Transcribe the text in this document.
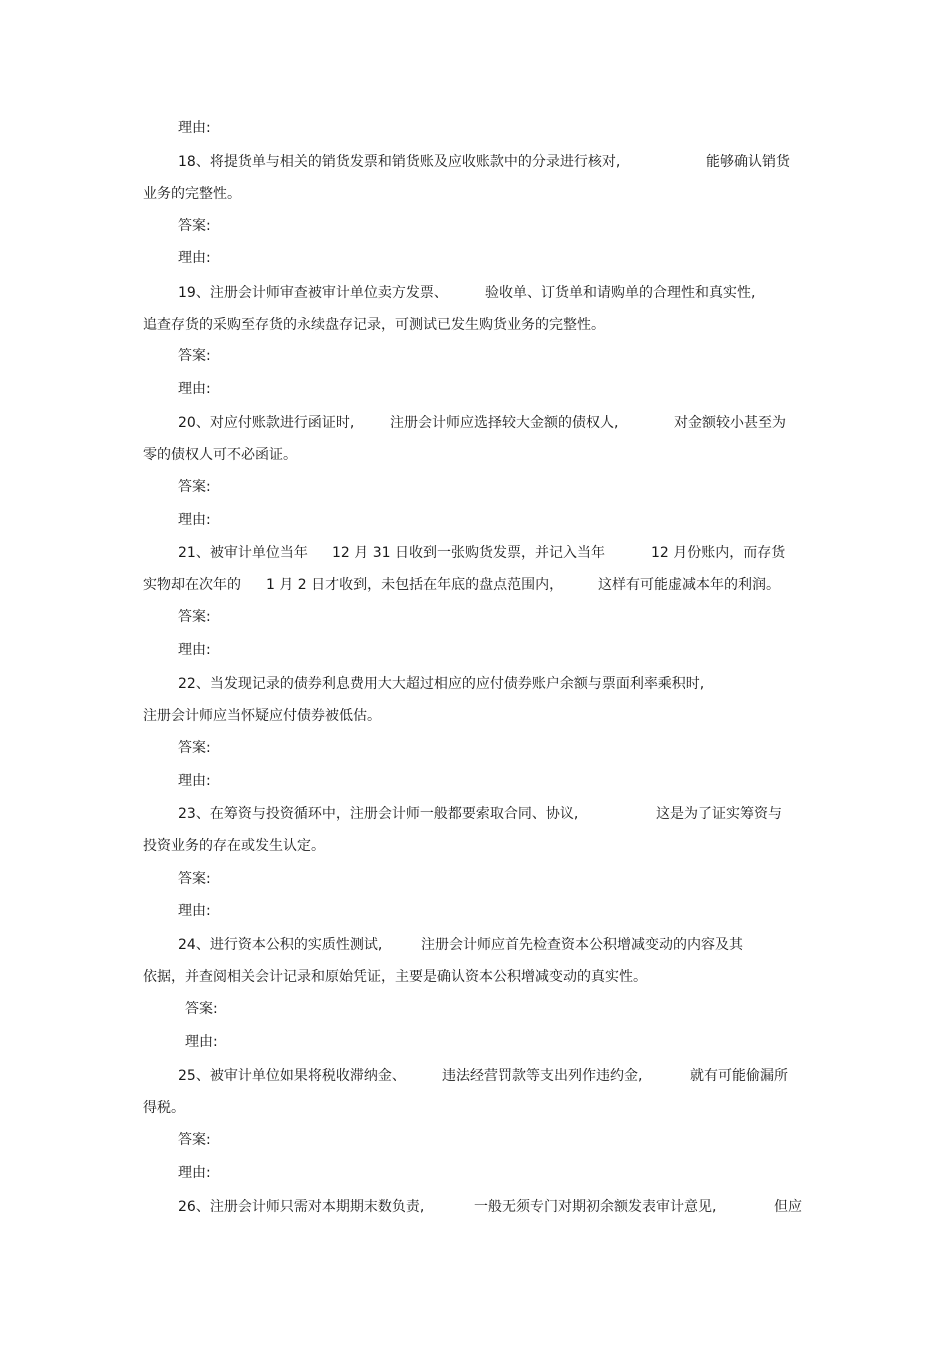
理由:
18、将提货单与相关的销货发票和销货账及应收账款中的分录进行核对,	能够确认销货
业务的完整性。
答案:
理由:
19、注册会计师审查被审计单位卖方发票、	验收单、订货单和请购单的合理性和真实性,
追查存货的采购至存货的永续盘存记录，可测试已发生购货业务的完整性。
答案:
理由:
20、对应付账款进行函证时,	注册会计师应选择较大金额的债权人,	对金额较小甚至为
零的债权人可不必函证。
答案:
理由:
21、被审计单位当年 12 月 31 日收到一张购货发票，并记入当年	12 月份账内，而存货
实物却在次年的 1 月 2 日才收到，未包括在年底的盘点范围内， 这样有可能虚减本年的利润。
答案:
理由:
22、当发现记录的债券利息费用大大超过相应的应付债券账户余额与票面利率乘积时,
注册会计师应当怀疑应付债券被低估。
答案:
理由:
23、在筹资与投资循环中，注册会计师一般都要索取合同、协议,	这是为了证实筹资与
投资业务的存在或发生认定。
答案:
理由:
24、进行资本公积的实质性测试,	注册会计师应首先检查资本公积增减变动的内容及其
依据，并查阅相关会计记录和原始凭证，主要是确认资本公积增减变动的真实性。
答案:
理由:
25、被审计单位如果将税收滞纳金、	违法经营罚款等支出列作违约金,	就有可能偷漏所
得税。
答案:
理由:
26、注册会计师只需对本期期末数负责,	一般无须专门对期初余额发表审计意见,	但应
